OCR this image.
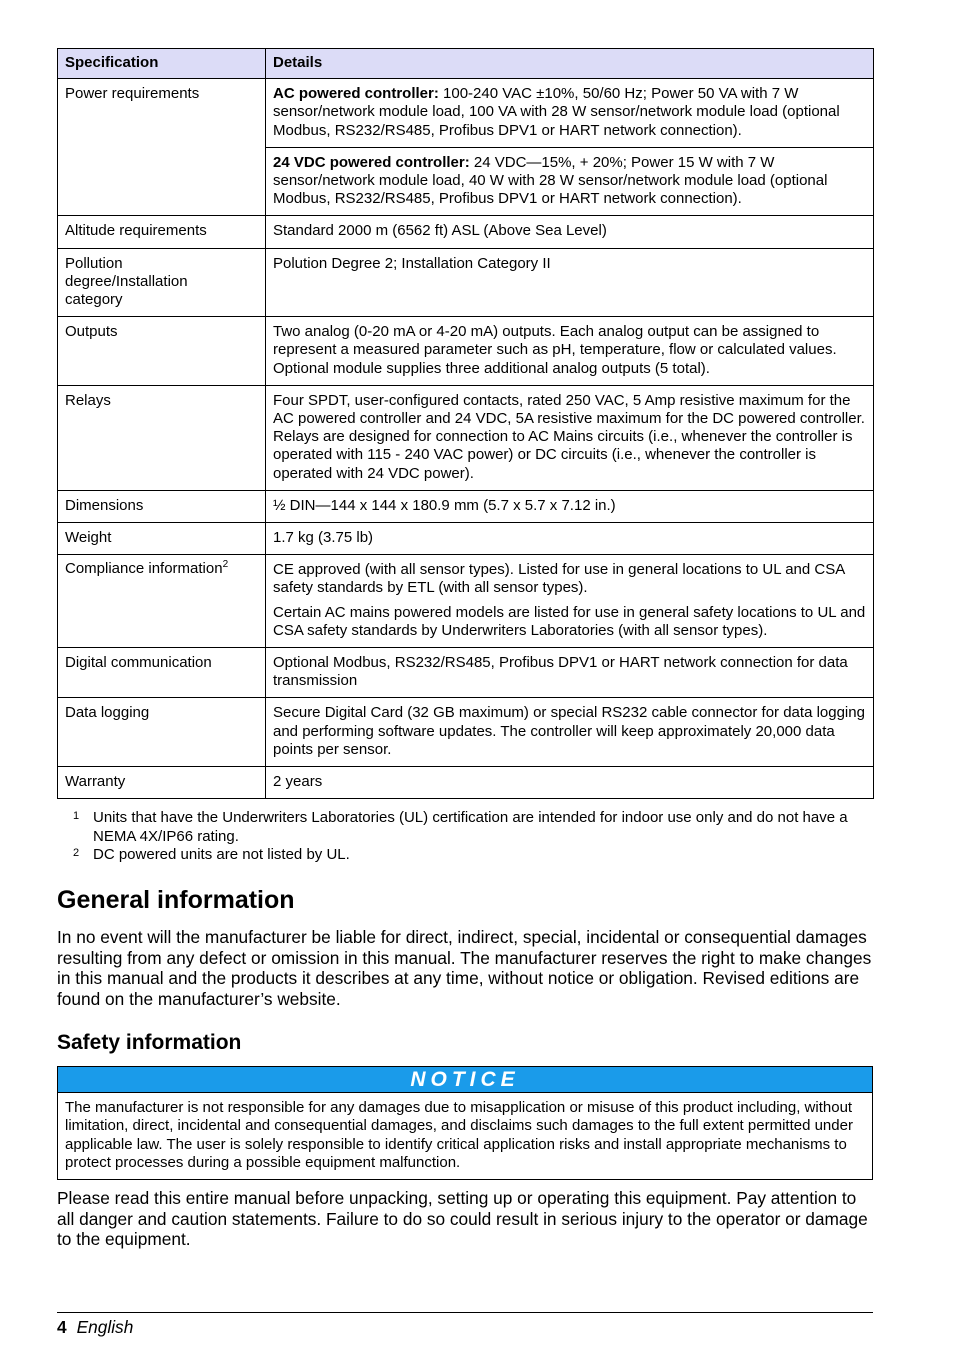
Specification	Details
Power requirements	AC powered controller: 100-240 VAC ±10%, 50/60 Hz; Power 50 VA with 7 W sensor/network module load, 100 VA with 28 W sensor/network module load (optional Modbus, RS232/RS485, Profibus DPV1 or HART network connection).
	24 VDC powered controller: 24 VDC—15%, + 20%; Power 15 W with 7 W sensor/network module load, 40 W with 28 W sensor/network module load (optional Modbus, RS232/RS485, Profibus DPV1 or HART network connection).
Altitude requirements	Standard 2000 m (6562 ft) ASL (Above Sea Level)
Pollution degree/Installation category	Polution Degree 2; Installation Category II
Outputs	Two analog (0-20 mA or 4-20 mA) outputs. Each analog output can be assigned to represent a measured parameter such as pH, temperature, flow or calculated values. Optional module supplies three additional analog outputs (5 total).
Relays	Four SPDT, user-configured contacts, rated 250 VAC, 5 Amp resistive maximum for the AC powered controller and 24 VDC, 5A resistive maximum for the DC powered controller. Relays are designed for connection to AC Mains circuits (i.e., whenever the controller is operated with 115 - 240 VAC power) or DC circuits (i.e., whenever the controller is operated with 24 VDC power).
Dimensions	½ DIN—144 x 144 x 180.9 mm (5.7 x 5.7 x 7.12 in.)
Weight	1.7 kg (3.75 lb)
Compliance information$^2$	CE approved (with all sensor types). Listed for use in general locations to UL and CSA safety standards by ETL (with all sensor types).
Certain AC mains powered models are listed for use in general safety locations to UL and CSA safety standards by Underwriters Laboratories (with all sensor types).

Digital communication	Optional Modbus, RS232/RS485, Profibus DPV1 or HART network connection for data transmission
Data logging	Secure Digital Card (32 GB maximum) or special RS232 cable connector for data logging and performing software updates. The controller will keep approximately 20,000 data points per sensor.
Warranty	2 years
1 Units that have the Underwriters Laboratories (UL) certification are intended for indoor use only and do not have a NEMA 4X/IP66 rating.
2 DC powered units are not listed by UL.
General information

In no event will the manufacturer be liable for direct, indirect, special, incidental or consequential damages resulting from any defect or omission in this manual. The manufacturer reserves the right to make changes in this manual and the products it describes at any time, without notice or obligation. Revised editions are found on the manufacturer’s website.

Safety information
NOTICE
The manufacturer is not responsible for any damages due to misapplication or misuse of this product including, without limitation, direct, incidental and consequential damages, and disclaims such damages to the full extent permitted under applicable law. The user is solely responsible to identify critical application risks and install appropriate mechanisms to protect processes during a possible equipment malfunction.

Please read this entire manual before unpacking, setting up or operating this equipment. Pay attention to all danger and caution statements. Failure to do so could result in serious injury to the operator or damage to the equipment.

4 English
